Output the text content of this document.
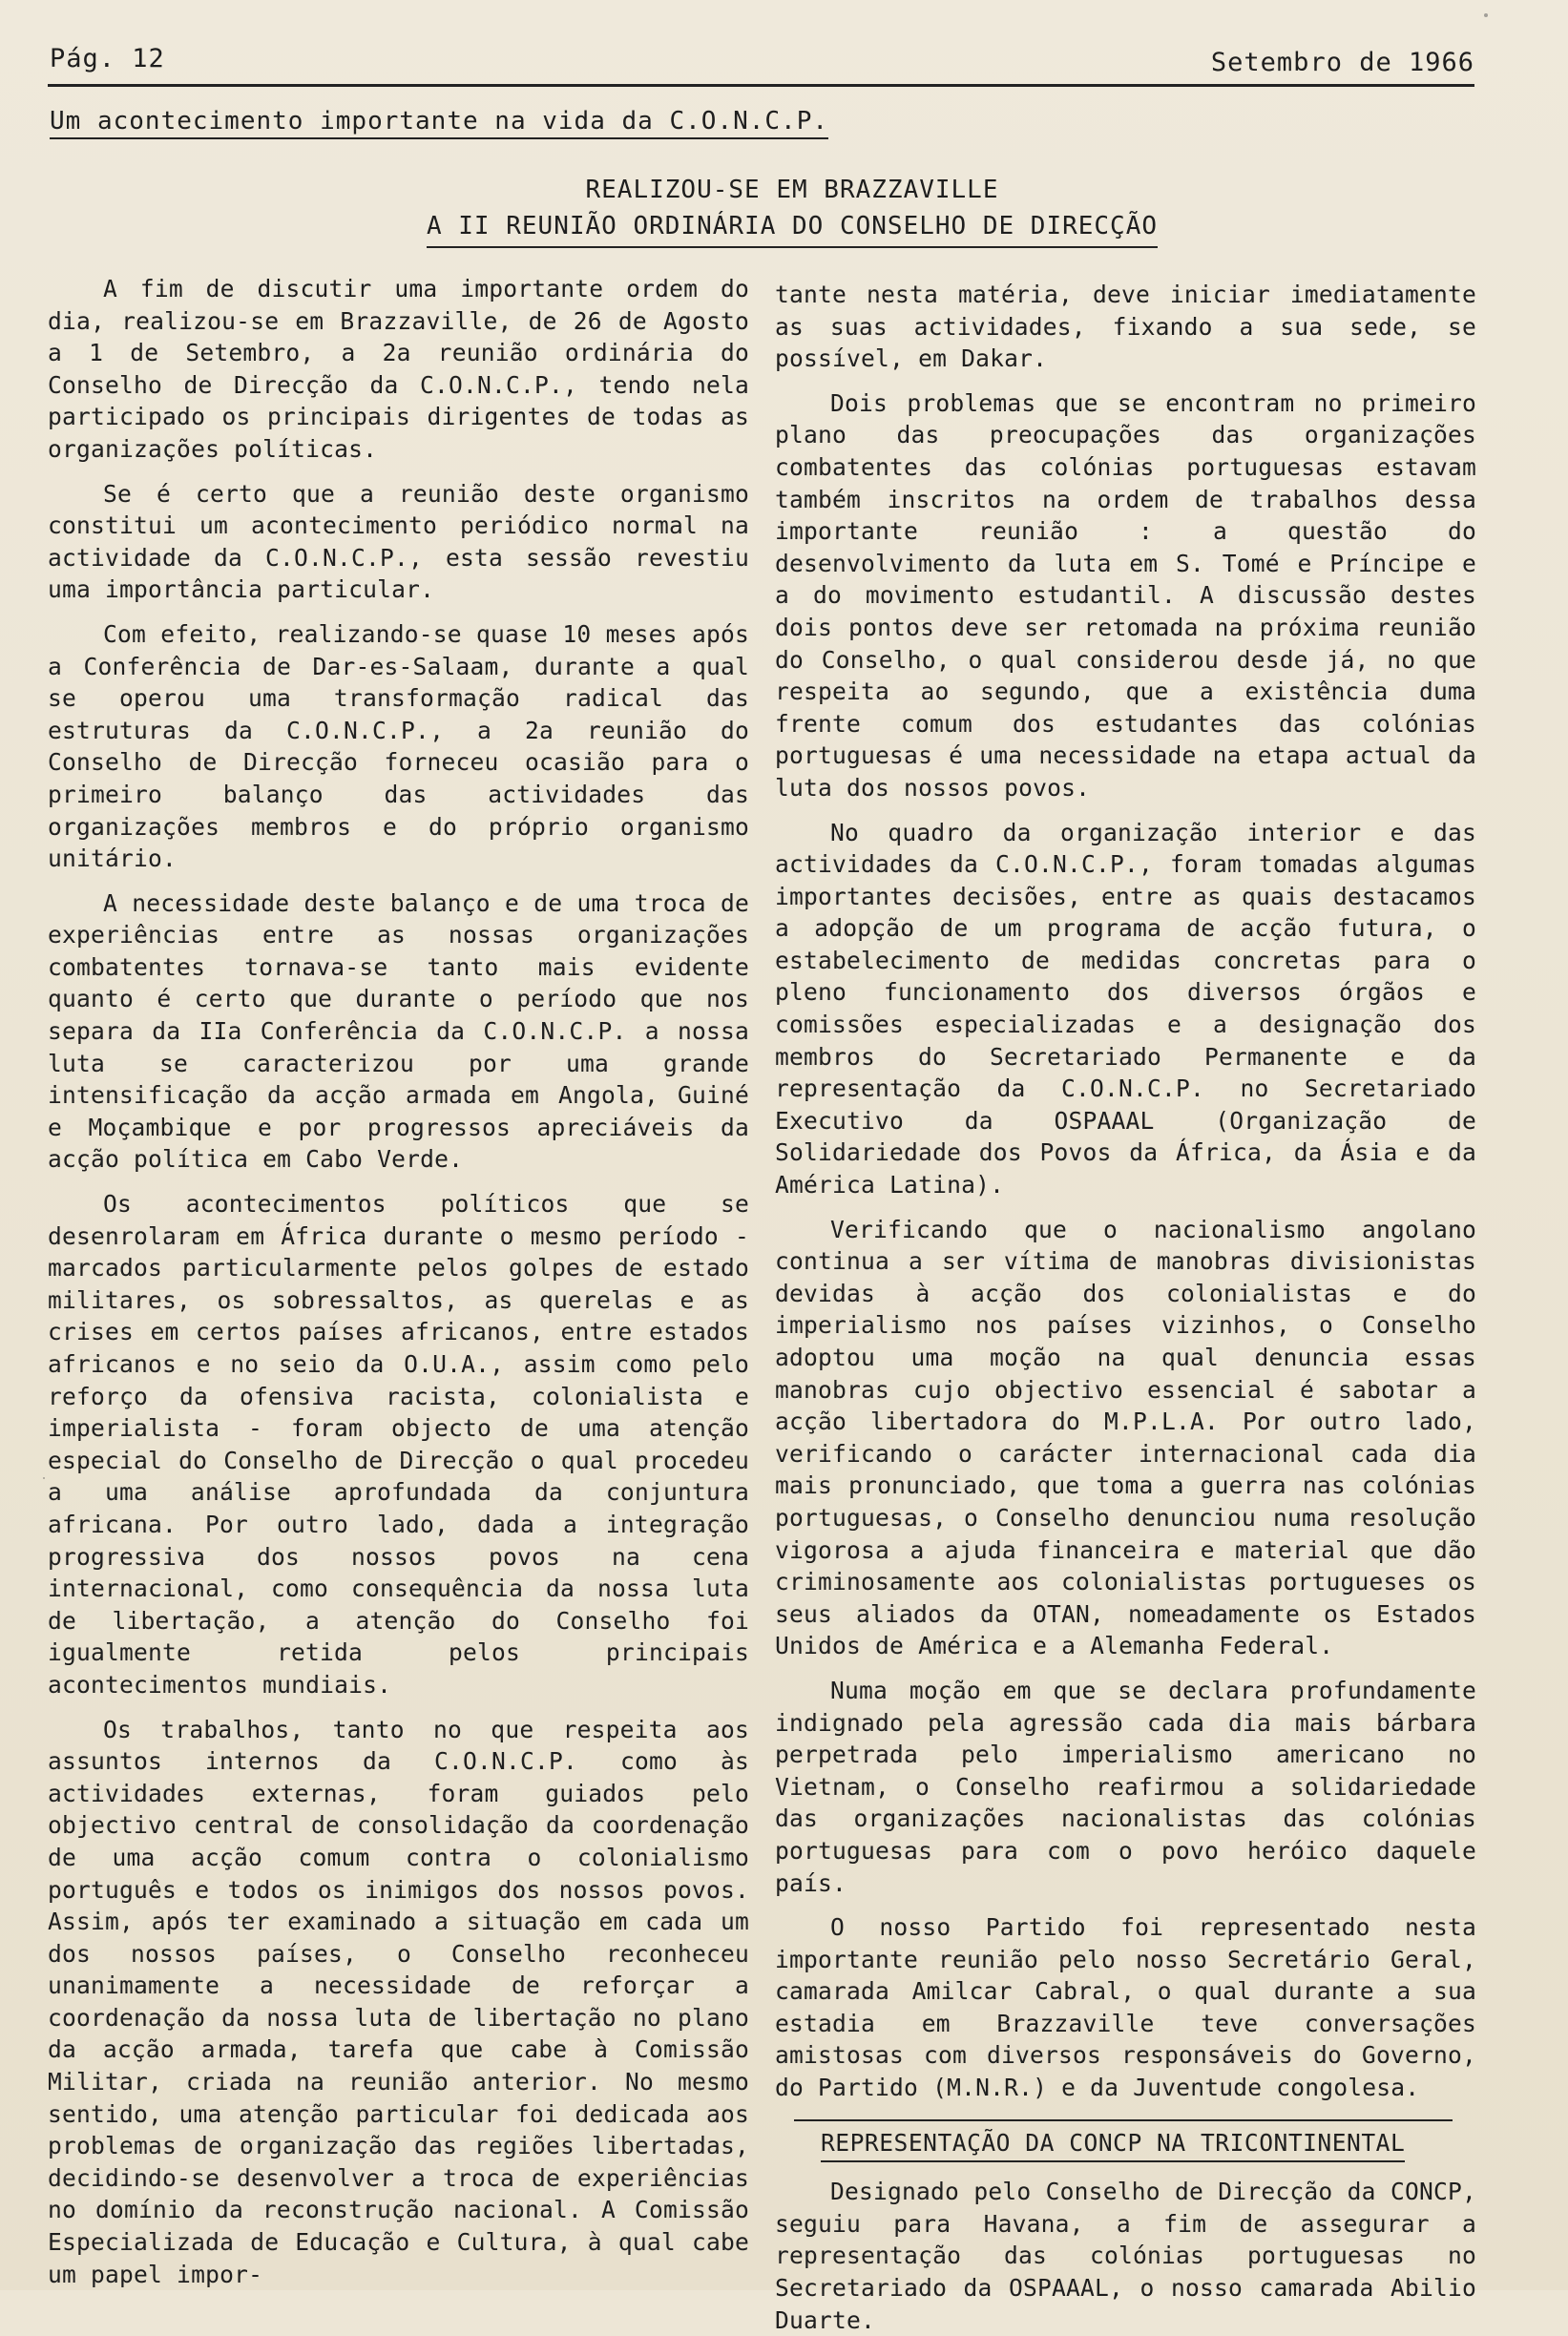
Pág. 12	Setembro de 1966
Um acontecimento importante na vida da C.O.N.C.P.
REALIZOU-SE EM BRAZZAVILLE
A II REUNIÃO ORDINÁRIA DO CONSELHO DE DIRECÇÃO

A fim de discutir uma importante ordem do dia, realizou-se em Brazzaville, de 26 de Agosto a 1 de Setembro, a 2a reunião ordinária do Conselho de Direcção da C.O.N.C.P., tendo nela participado os principais dirigentes de todas as organizações políticas.

Se é certo que a reunião deste organismo constitui um acontecimento periódico normal na actividade da C.O.N.C.P., esta sessão revestiu uma importância particular.

Com efeito, realizando-se quase 10 meses após a Conferência de Dar-es-Salaam, durante a qual se operou uma transformação radical das estruturas da C.O.N.C.P., a 2a reunião do Conselho de Direcção forneceu ocasião para o primeiro balanço das actividades das organizações membros e do próprio organismo unitário.

A necessidade deste balanço e de uma troca de experiências entre as nossas organizações combatentes tornava-se tanto mais evidente quanto é certo que durante o período que nos separa da IIa Conferência da C.O.N.C.P. a nossa luta se caracterizou por uma grande intensificação da acção armada em Angola, Guiné e Moçambique e por progressos apreciáveis da acção política em Cabo Verde.

Os acontecimentos políticos que se desenrolaram em África durante o mesmo período - marcados particularmente pelos golpes de estado militares, os sobressaltos, as querelas e as crises em certos países africanos, entre estados africanos e no seio da O.U.A., assim como pelo reforço da ofensiva racista, colonialista e imperialista - foram objecto de uma atenção especial do Conselho de Direcção o qual procedeu a uma análise aprofundada da conjuntura africana. Por outro lado, dada a integração progressiva dos nossos povos na cena internacional, como consequência da nossa luta de libertação, a atenção do Conselho foi igualmente retida pelos principais acontecimentos mundiais.

Os trabalhos, tanto no que respeita aos assuntos internos da C.O.N.C.P. como às actividades externas, foram guiados pelo objectivo central de consolidação da coordenação de uma acção comum contra o colonialismo português e todos os inimigos dos nossos povos. Assim, após ter examinado a situação em cada um dos nossos países, o Conselho reconheceu unanimamente a necessidade de reforçar a coordenação da nossa luta de libertação no plano da acção armada, tarefa que cabe à Comissão Militar, criada na reunião anterior. No mesmo sentido, uma atenção particular foi dedicada aos problemas de organização das regiões libertadas, decidindo-se desenvolver a troca de experiências no domínio da reconstrução nacional. A Comissão Especializada de Educação e Cultura, à qual cabe um papel impor-

tante nesta matéria, deve iniciar imediatamente as suas actividades, fixando a sua sede, se possível, em Dakar.

Dois problemas que se encontram no primeiro plano das preocupações das organizações combatentes das colónias portuguesas estavam também inscritos na ordem de trabalhos dessa importante reunião : a questão do desenvolvimento da luta em S. Tomé e Príncipe e a do movimento estudantil. A discussão destes dois pontos deve ser retomada na próxima reunião do Conselho, o qual considerou desde já, no que respeita ao segundo, que a existência duma frente comum dos estudantes das colónias portuguesas é uma necessidade na etapa actual da luta dos nossos povos.

No quadro da organização interior e das actividades da C.O.N.C.P., foram tomadas algumas importantes decisões, entre as quais destacamos a adopção de um programa de acção futura, o estabelecimento de medidas concretas para o pleno funcionamento dos diversos órgãos e comissões especializadas e a designação dos membros do Secretariado Permanente e da representação da C.O.N.C.P. no Secretariado Executivo da OSPAAAL (Organização de Solidariedade dos Povos da África, da Ásia e da América Latina).

Verificando que o nacionalismo angolano continua a ser vítima de manobras divisionistas devidas à acção dos colonialistas e do imperialismo nos países vizinhos, o Conselho adoptou uma moção na qual denuncia essas manobras cujo objectivo essencial é sabotar a acção libertadora do M.P.L.A. Por outro lado, verificando o carácter internacional cada dia mais pronunciado, que toma a guerra nas colónias portuguesas, o Conselho denunciou numa resolução vigorosa a ajuda financeira e material que dão criminosamente aos colonialistas portugueses os seus aliados da OTAN, nomeadamente os Estados Unidos de América e a Alemanha Federal.

Numa moção em que se declara profundamente indignado pela agressão cada dia mais bárbara perpetrada pelo imperialismo americano no Vietnam, o Conselho reafirmou a solidariedade das organizações nacionalistas das colónias portuguesas para com o povo heróico daquele país.

O nosso Partido foi representado nesta importante reunião pelo nosso Secretário Geral, camarada Amilcar Cabral, o qual durante a sua estadia em Brazzaville teve conversações amistosas com diversos responsáveis do Governo, do Partido (M.N.R.) e da Juventude congolesa.

REPRESENTAÇÃO DA CONCP NA TRICONTINENTAL

Designado pelo Conselho de Direcção da CONCP, seguiu para Havana, a fim de assegurar a representação das colónias portuguesas no Secretariado da OSPAAAL, o nosso camarada Abilio Duarte.
